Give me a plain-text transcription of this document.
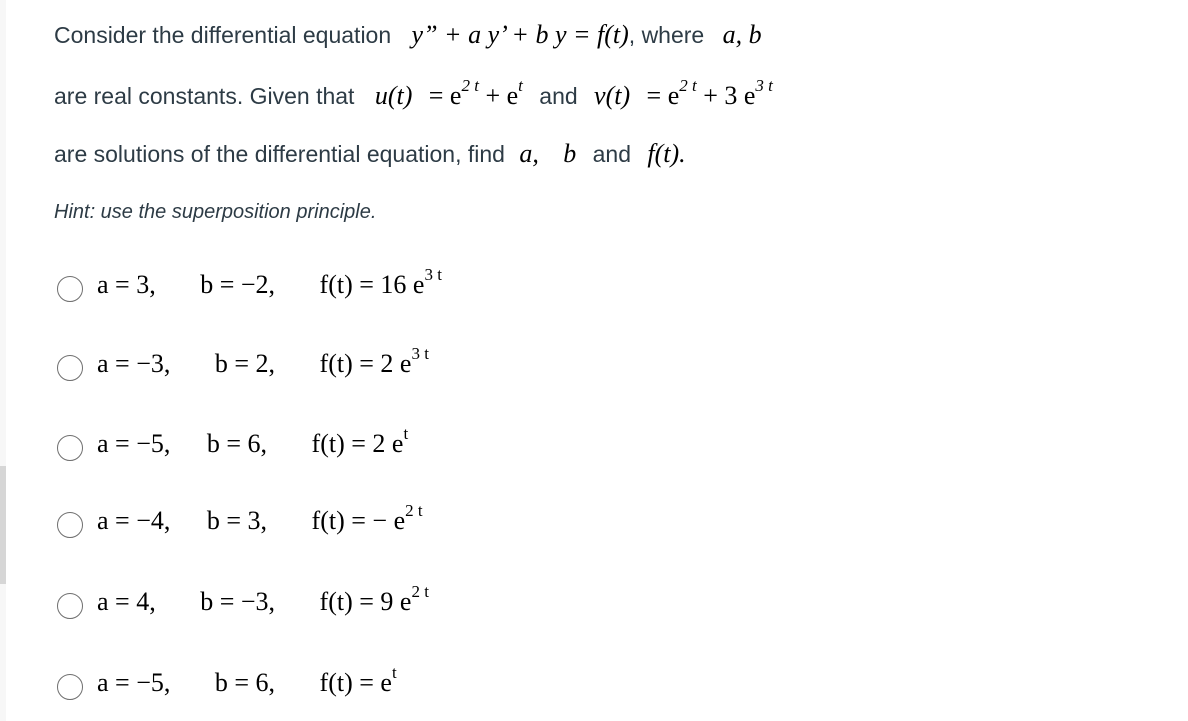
Consider the differential equation y” + a y’ + b y = f(t), where a, b
are real constants. Given that $u(t) = e^{2 t} + e^t$ and $v(t) = e^{2 t} + 3$ $e^{3 t}$
are solutions of the differential equation, find a, b and f(t).
Hint: use the superposition principle.
a = 3, b = −2, f(t) = 16 $e^{3 t}$
a = −3, b = 2, f(t) = 2 $e^{3 t}$
a = −5, b = 6, f(t) = 2 $e^t$
a = −4, b = 3, f(t) = − $e^{2 t}$
a = 4, b = −3, f(t) = 9 $e^{2 t}$
a = −5, b = 6, $f(t) = e^t$
